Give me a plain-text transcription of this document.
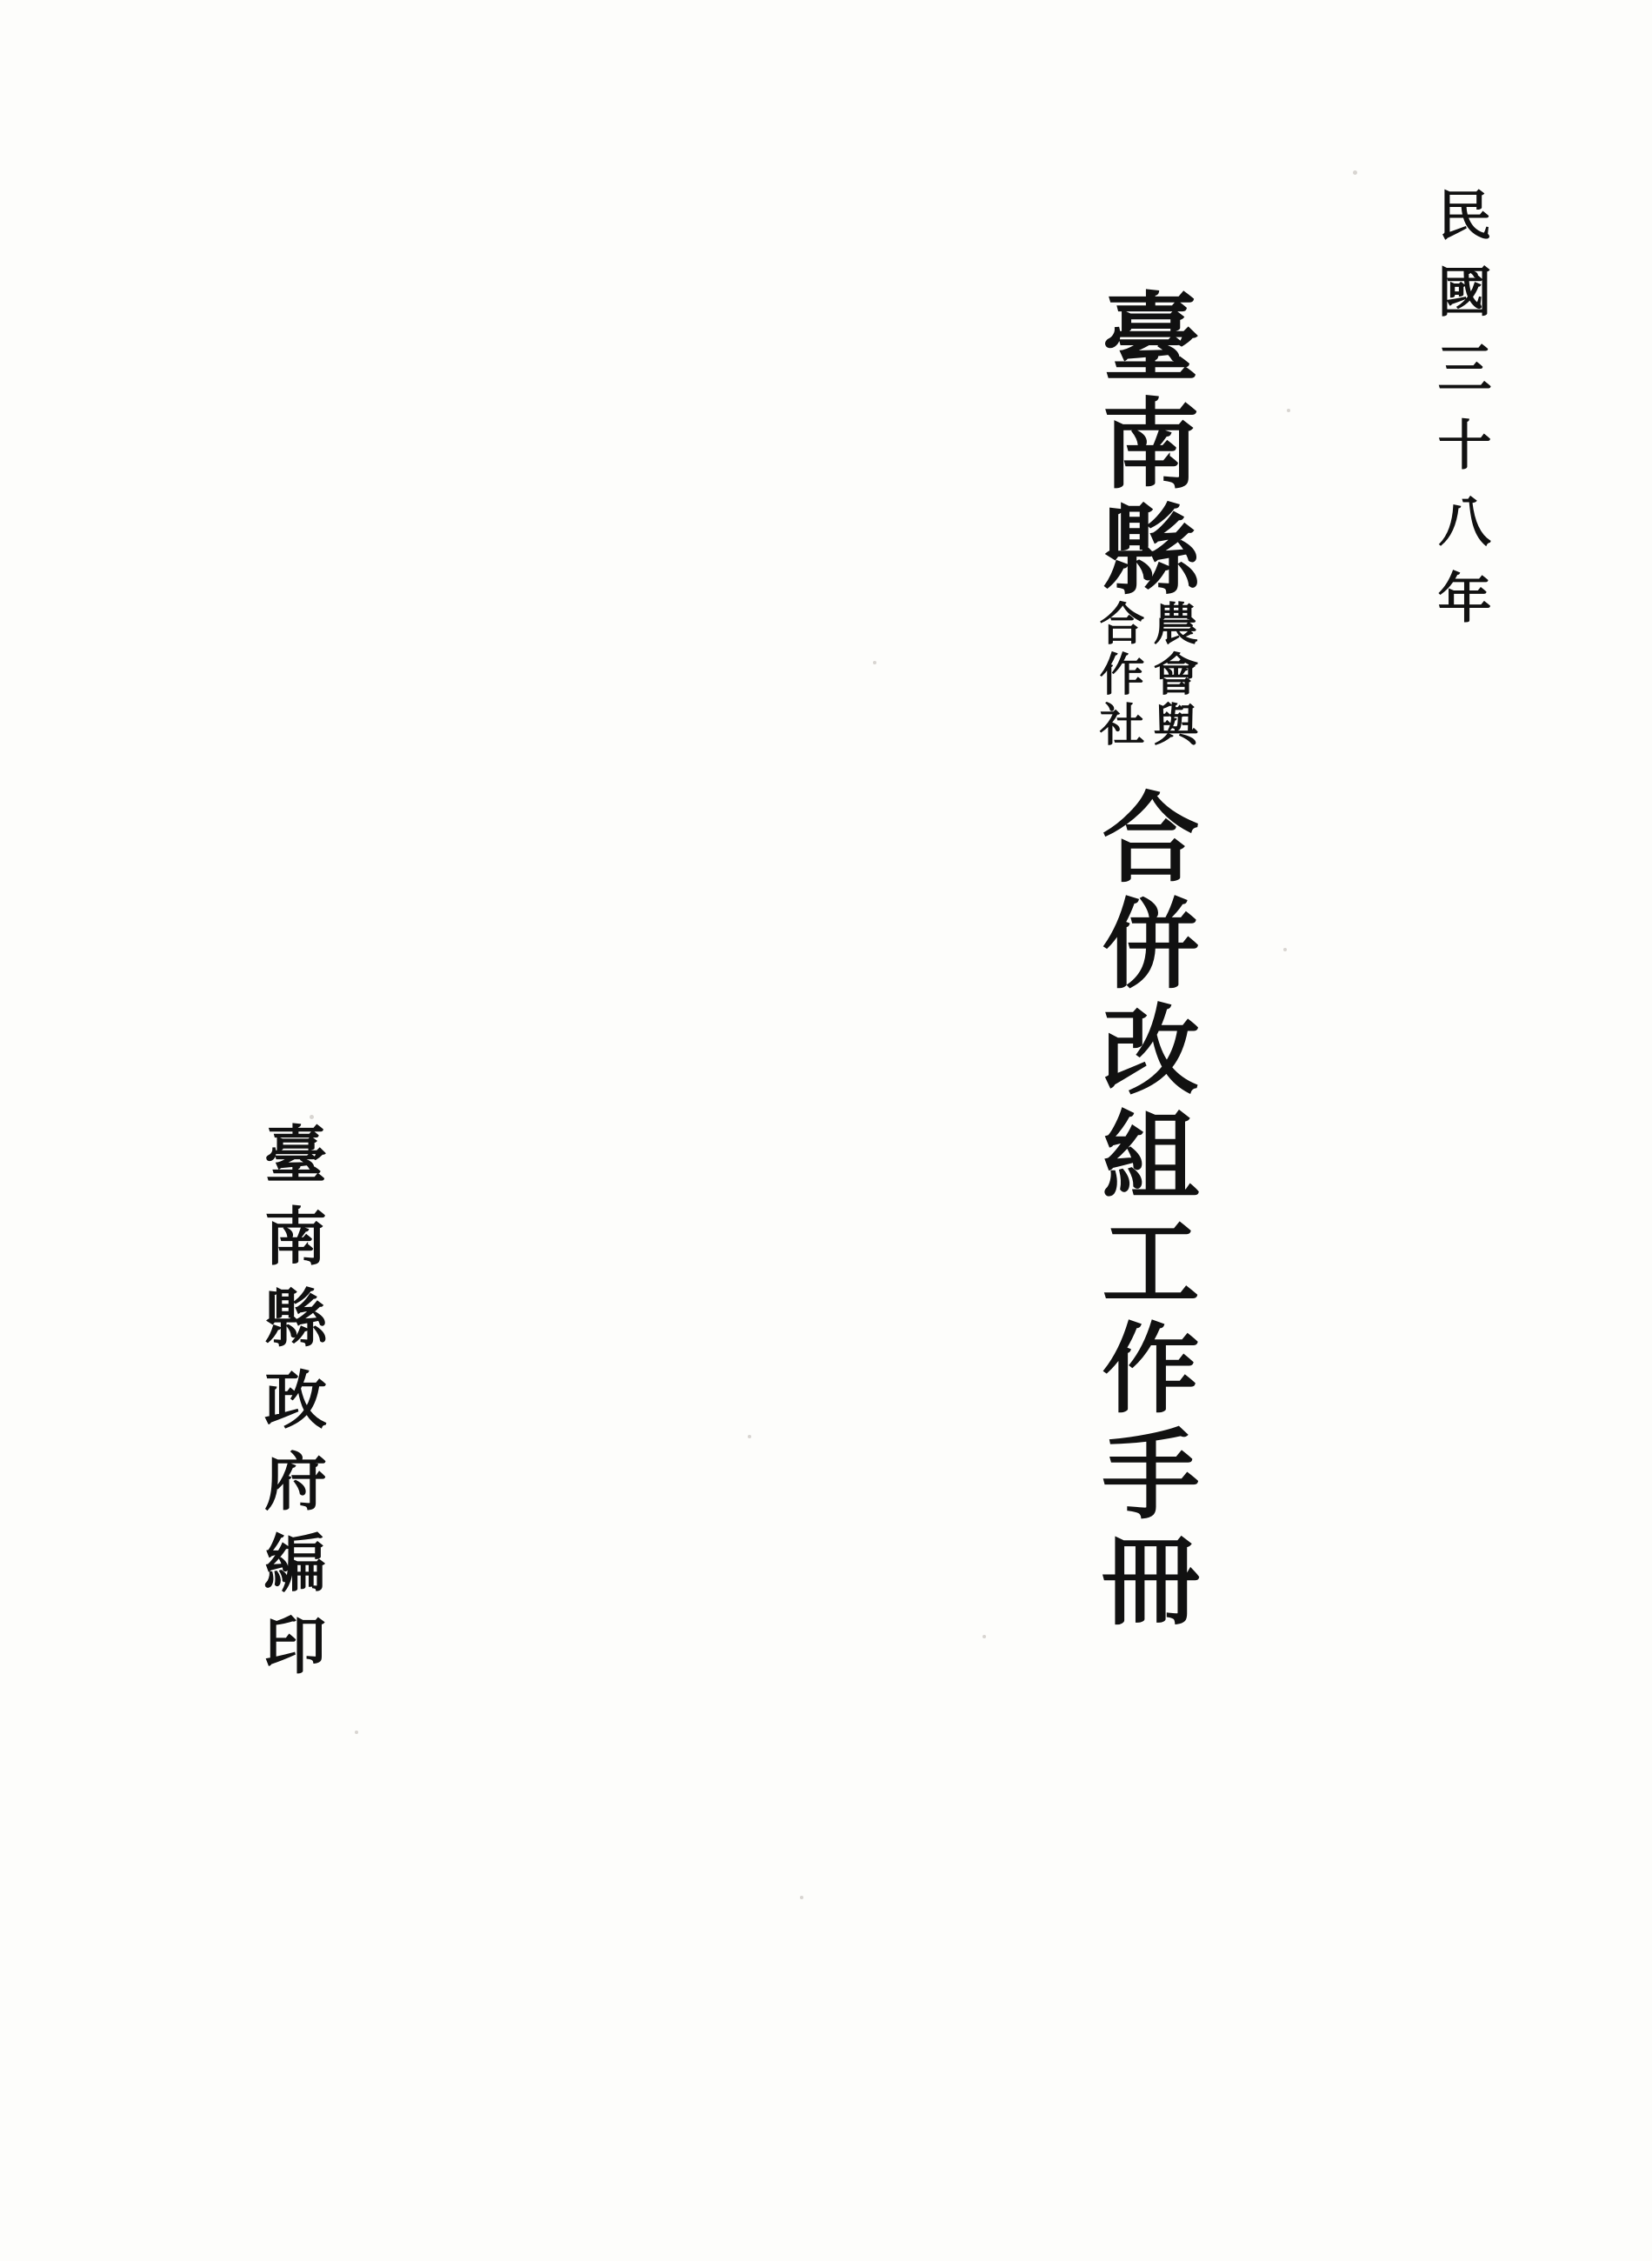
民國三十八年
臺南縣
農會與
合作社
合併改組工作手冊
臺南縣政府編印
